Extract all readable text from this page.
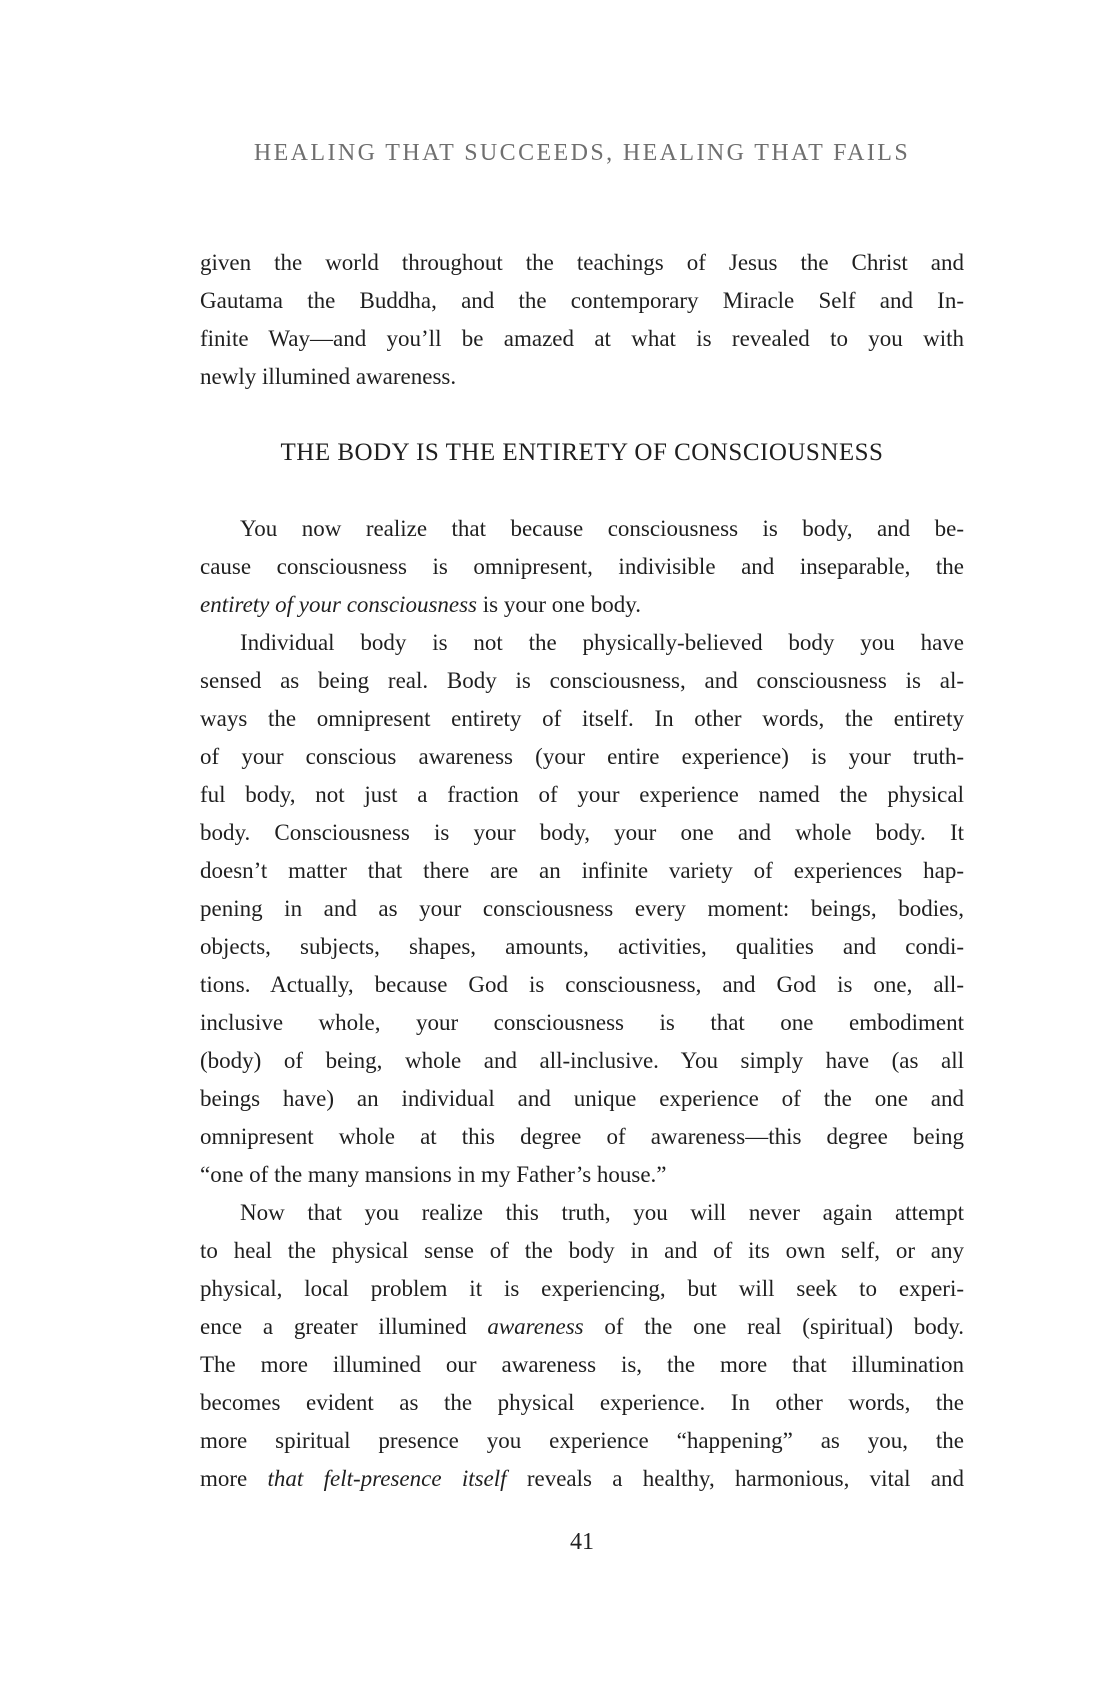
HEALING THAT SUCCEEDS, HEALING THAT FAILS
given the world throughout the teachings of Jesus the Christ and
Gautama the Buddha, and the contemporary Miracle Self and In-
finite Way—and you’ll be amazed at what is revealed to you with
newly illumined awareness.
THE BODY IS THE ENTIRETY OF CONSCIOUSNESS
You now realize that because consciousness is body, and be-
cause consciousness is omnipresent, indivisible and inseparable, the
entirety of your consciousness is your one body.
Individual body is not the physically-believed body you have
sensed as being real. Body is consciousness, and consciousness is al-
ways the omnipresent entirety of itself. In other words, the entirety
of your conscious awareness (your entire experience) is your truth-
ful body, not just a fraction of your experience named the physical
body. Consciousness is your body, your one and whole body. It
doesn’t matter that there are an infinite variety of experiences hap-
pening in and as your consciousness every moment: beings, bodies,
objects, subjects, shapes, amounts, activities, qualities and condi-
tions. Actually, because God is consciousness, and God is one, all-
inclusive whole, your consciousness is that one embodiment
(body) of being, whole and all-inclusive. You simply have (as all
beings have) an individual and unique experience of the one and
omnipresent whole at this degree of awareness—this degree being
“one of the many mansions in my Father’s house.”
Now that you realize this truth, you will never again attempt
to heal the physical sense of the body in and of its own self, or any
physical, local problem it is experiencing, but will seek to experi-
ence a greater illumined awareness of the one real (spiritual) body.
The more illumined our awareness is, the more that illumination
becomes evident as the physical experience. In other words, the
more spiritual presence you experience “happening” as you, the
more that felt-presence itself reveals a healthy, harmonious, vital and
41
